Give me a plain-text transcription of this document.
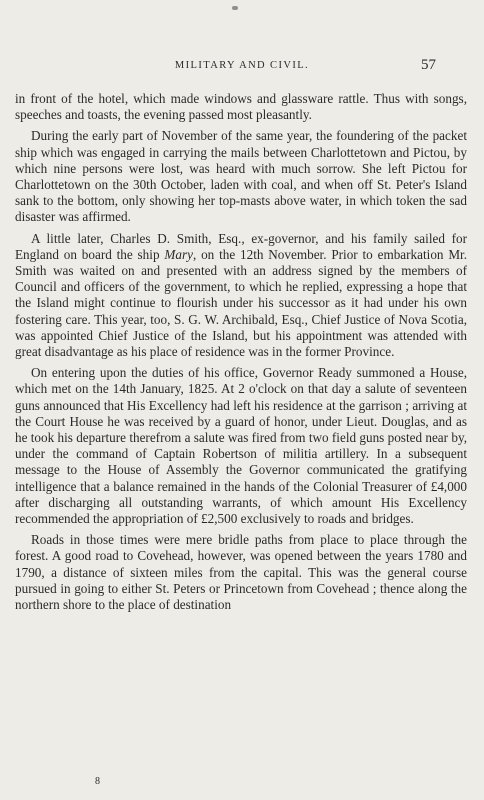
MILITARY AND CIVIL.	57

in front of the hotel, which made windows and glassware rattle. Thus with songs, speeches and toasts, the evening passed most pleasantly.

During the early part of November of the same year, the foundering of the packet ship which was engaged in carrying the mails between Charlottetown and Pictou, by which nine persons were lost, was heard with much sorrow. She left Pictou for Charlottetown on the 30th October, laden with coal, and when off St. Peter's Island sank to the bottom, only showing her top-masts above water, in which token the sad disaster was affirmed.

A little later, Charles D. Smith, Esq., ex-governor, and his family sailed for England on board the ship Mary, on the 12th November. Prior to embarkation Mr. Smith was waited on and presented with an address signed by the members of Council and officers of the government, to which he replied, expressing a hope that the Island might continue to flourish under his successor as it had under his own fostering care. This year, too, S. G. W. Archibald, Esq., Chief Justice of Nova Scotia, was appointed Chief Justice of the Island, but his appointment was attended with great disadvantage as his place of residence was in the former Province.

On entering upon the duties of his office, Governor Ready summoned a House, which met on the 14th January, 1825. At 2 o'clock on that day a salute of seventeen guns announced that His Excellency had left his residence at the garrison ; arriving at the Court House he was received by a guard of honor, under Lieut. Douglas, and as he took his departure therefrom a salute was fired from two field guns posted near by, under the command of Captain Robertson of militia artillery. In a subsequent message to the House of Assembly the Governor communicated the gratifying intelligence that a balance remained in the hands of the Colonial Treasurer of £4,000 after discharging all outstanding warrants, of which amount His Excellency recommended the appropriation of £2,500 exclusively to roads and bridges.

Roads in those times were mere bridle paths from place to place through the forest. A good road to Covehead, however, was opened between the years 1780 and 1790, a distance of sixteen miles from the capital. This was the general course pursued in going to either St. Peters or Princetown from Covehead ; thence along the northern shore to the place of destination

8
